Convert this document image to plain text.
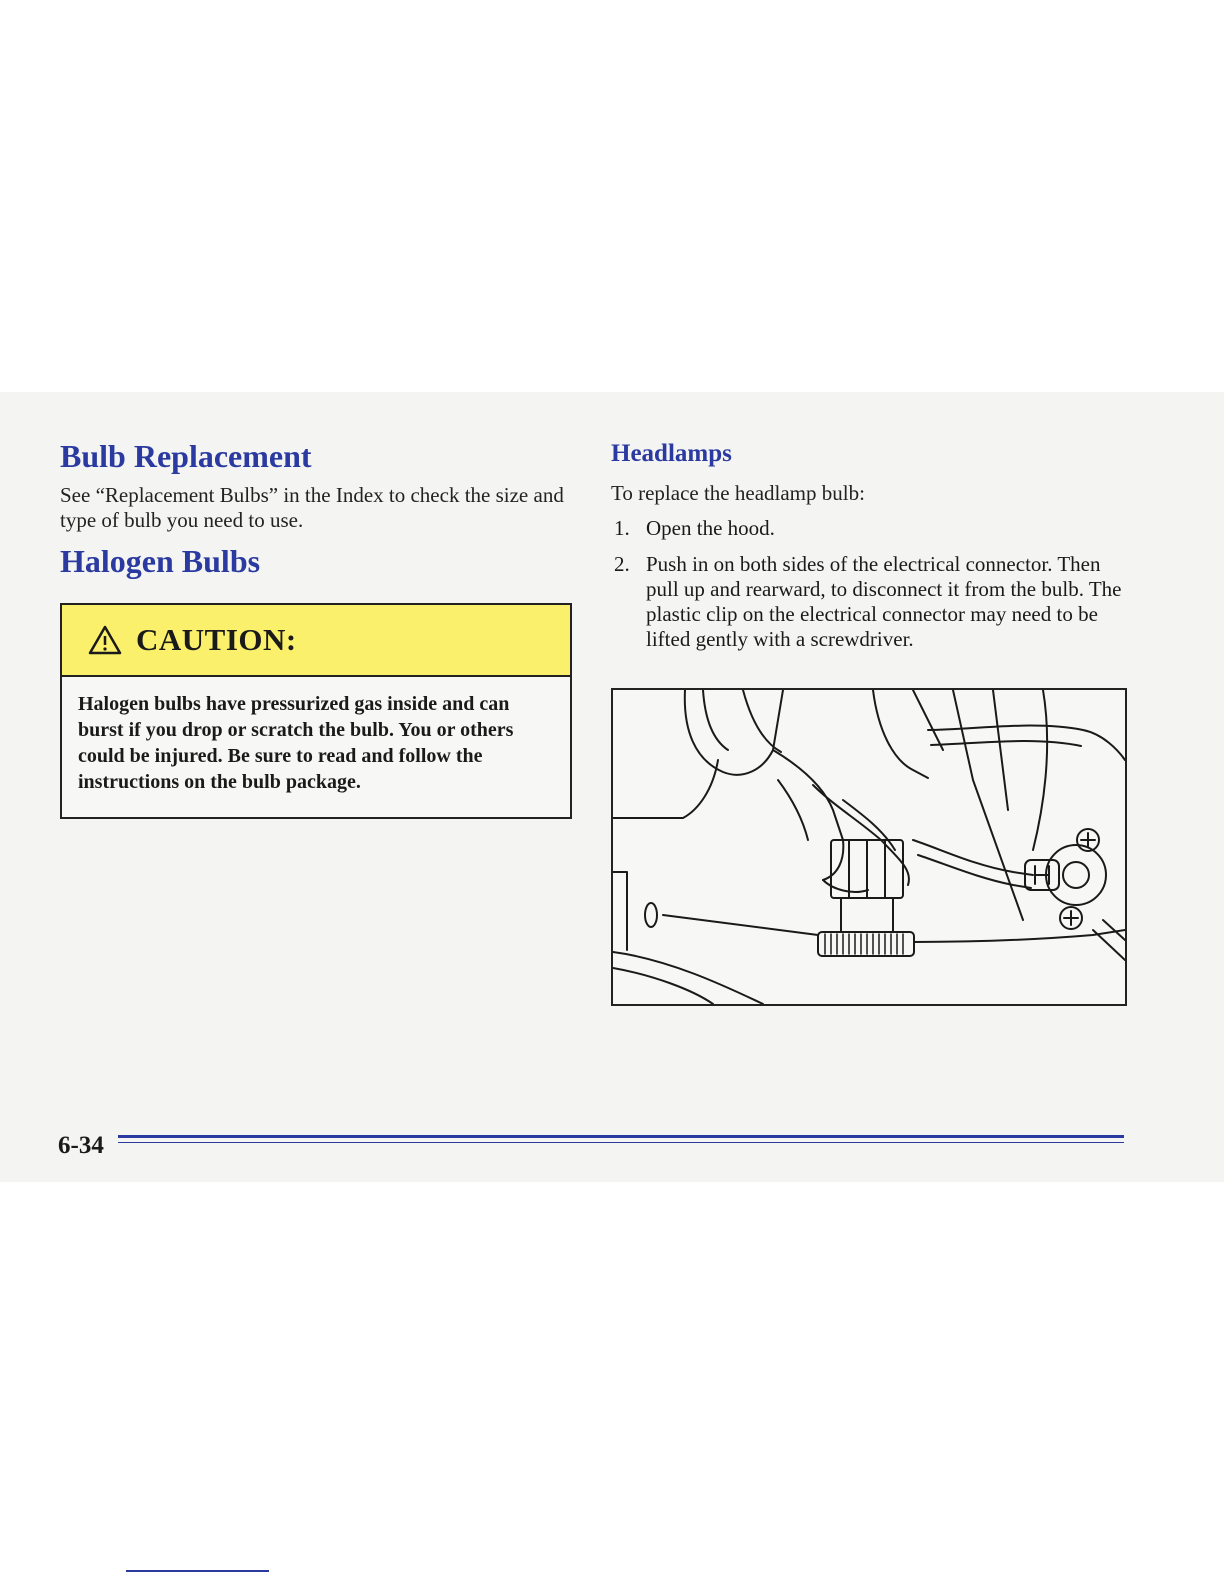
Bulb Replacement

See “Replacement Bulbs” in the Index to check the size and type of bulb you need to use.

Halogen Bulbs
CAUTION:
Halogen bulbs have pressurized gas inside and can burst if you drop or scratch the bulb. You or others could be injured. Be sure to read and follow the instructions on the bulb package.
Headlamps

To replace the headlamp bulb:

1. Open the hood.
2. Push in on both sides of the electrical connector. Then pull up and rearward, to disconnect it from the bulb. The plastic clip on the electrical connector may need to be lifted gently with a screwdriver.
6-34
